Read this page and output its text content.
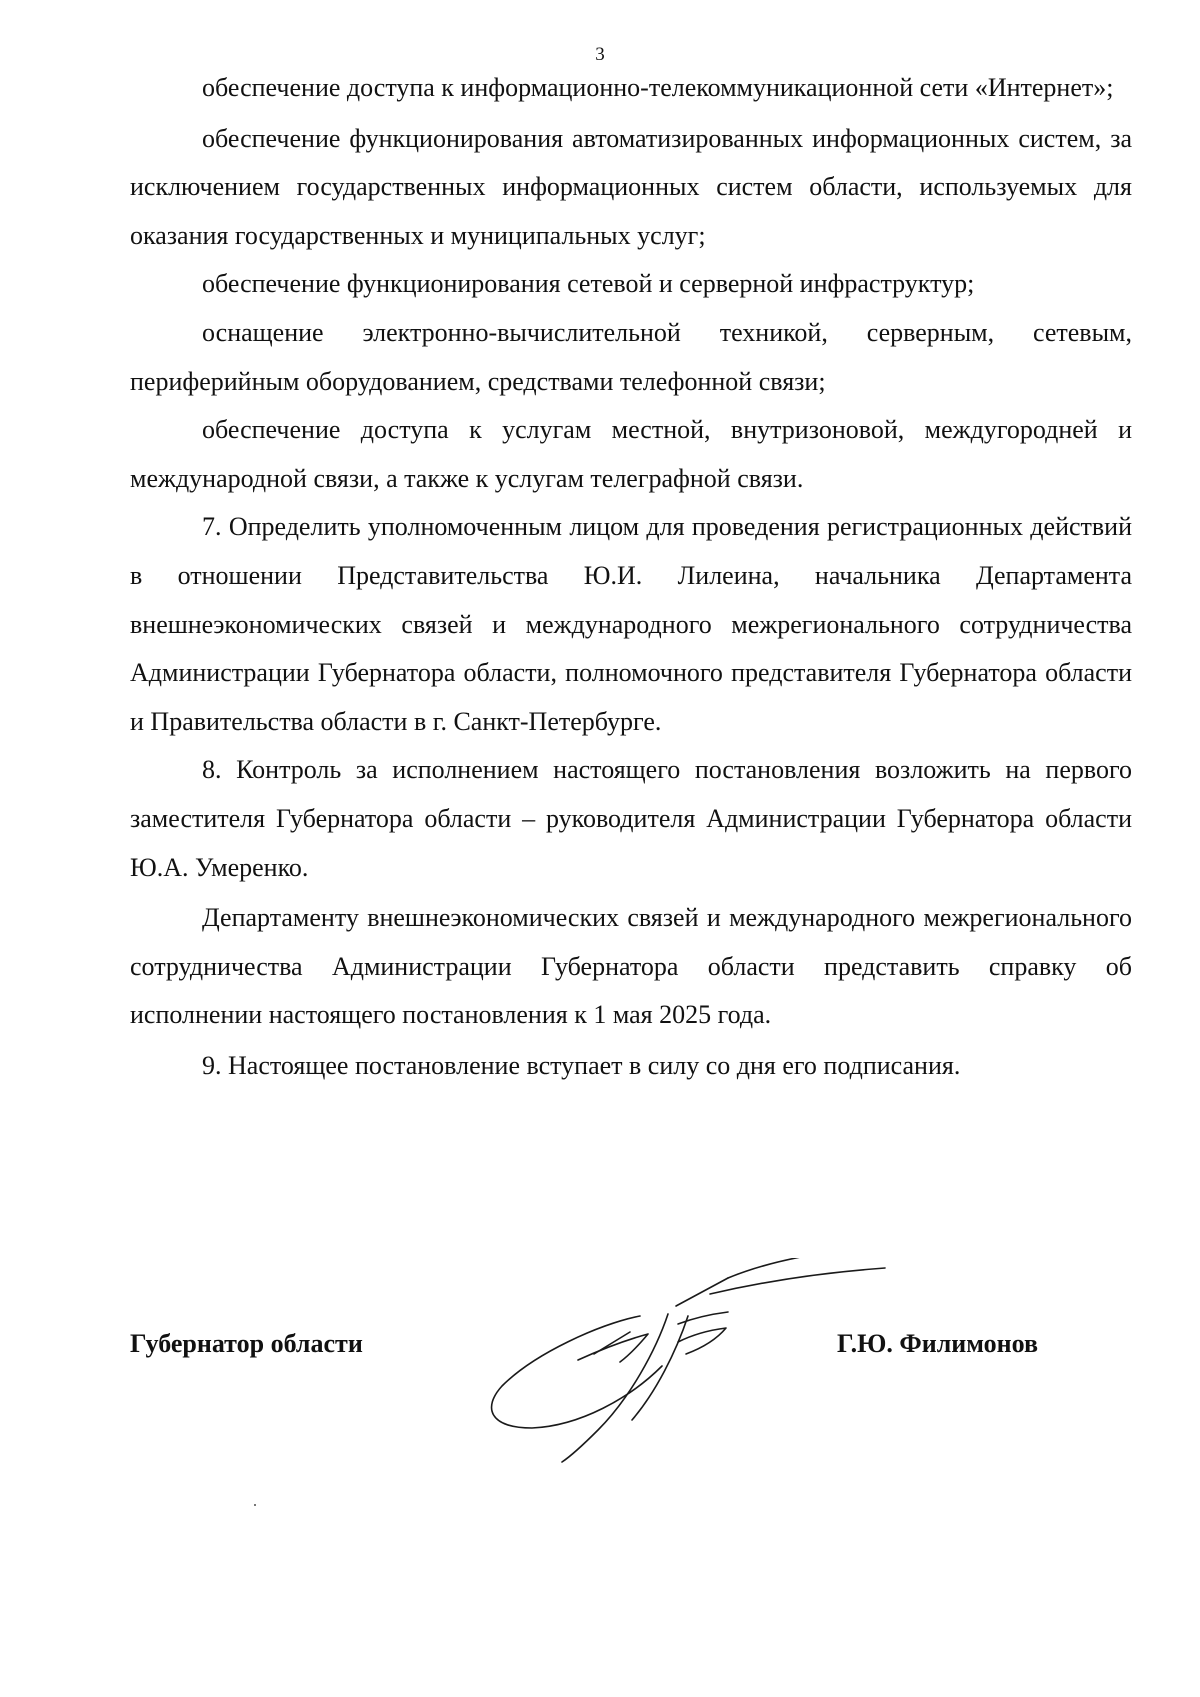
3

обеспечение доступа к информационно-телекоммуникационной сети «Интернет»;

обеспечение функционирования автоматизированных информационных систем, за исключением государственных информационных систем области, используемых для оказания государственных и муниципальных услуг;

обеспечение функционирования сетевой и серверной инфраструктур;

оснащение электронно-вычислительной техникой, серверным, сетевым, периферийным оборудованием, средствами телефонной связи;

обеспечение доступа к услугам местной, внутризоновой, междугородней и международной связи, а также к услугам телеграфной связи.

7. Определить уполномоченным лицом для проведения регистрационных действий в отношении Представительства Ю.И. Лилеина, начальника Департамента внешнеэкономических связей и международного межрегионального сотрудничества Администрации Губернатора области, полномочного представителя Губернатора области и Правительства области в г. Санкт-Петербурге.

8. Контроль за исполнением настоящего постановления возложить на первого заместителя Губернатора области – руководителя Администрации Губернатора области Ю.А. Умеренко.

Департаменту внешнеэкономических связей и международного межрегионального сотрудничества Администрации Губернатора области представить справку об исполнении настоящего постановления к 1 мая 2025 года.

9. Настоящее постановление вступает в силу со дня его подписания.

Губернатор области	Г.Ю. Филимонов
